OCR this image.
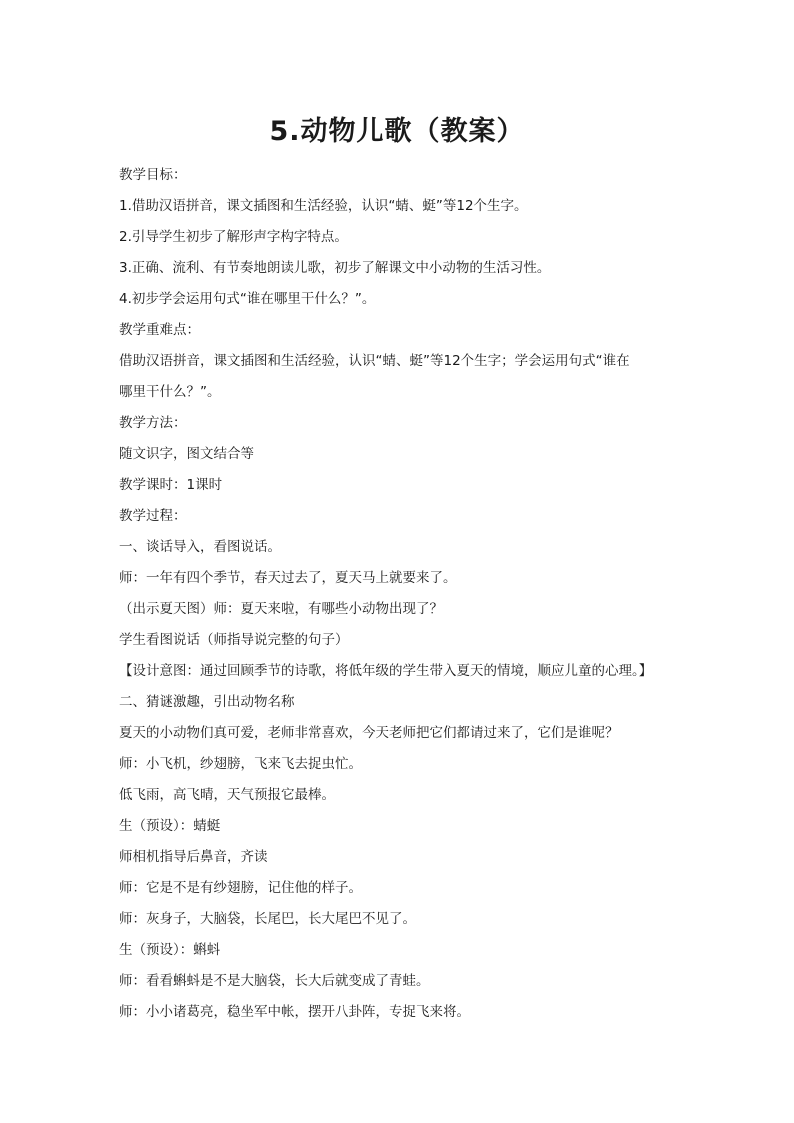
5.动物儿歌（教案）
教学目标：
1.借助汉语拼音，课文插图和生活经验，认识“蜻、蜓”等12个生字。
2.引导学生初步了解形声字构字特点。
3.正确、流利、有节奏地朗读儿歌，初步了解课文中小动物的生活习性。
4.初步学会运用句式“谁在哪里干什么？”。
教学重难点：
借助汉语拼音，课文插图和生活经验，认识“蜻、蜓”等12个生字；学会运用句式“谁在
哪里干什么？”。
教学方法：
随文识字，图文结合等
教学课时：1课时
教学过程：
一、谈话导入，看图说话。
师：一年有四个季节，春天过去了，夏天马上就要来了。
（出示夏天图）师：夏天来啦，有哪些小动物出现了？
学生看图说话（师指导说完整的句子）
【设计意图：通过回顾季节的诗歌，将低年级的学生带入夏天的情境，顺应儿童的心理。】
二、猜谜激趣，引出动物名称
夏天的小动物们真可爱，老师非常喜欢，今天老师把它们都请过来了，它们是谁呢？
师：小飞机，纱翅膀，飞来飞去捉虫忙。
低飞雨，高飞晴，天气预报它最棒。
生（预设）：蜻蜓
师相机指导后鼻音，齐读
师：它是不是有纱翅膀，记住他的样子。
师：灰身子，大脑袋，长尾巴，长大尾巴不见了。
生（预设）：蝌蚪
师：看看蝌蚪是不是大脑袋，长大后就变成了青蛙。
师：小小诸葛亮，稳坐军中帐，摆开八卦阵，专捉飞来将。
